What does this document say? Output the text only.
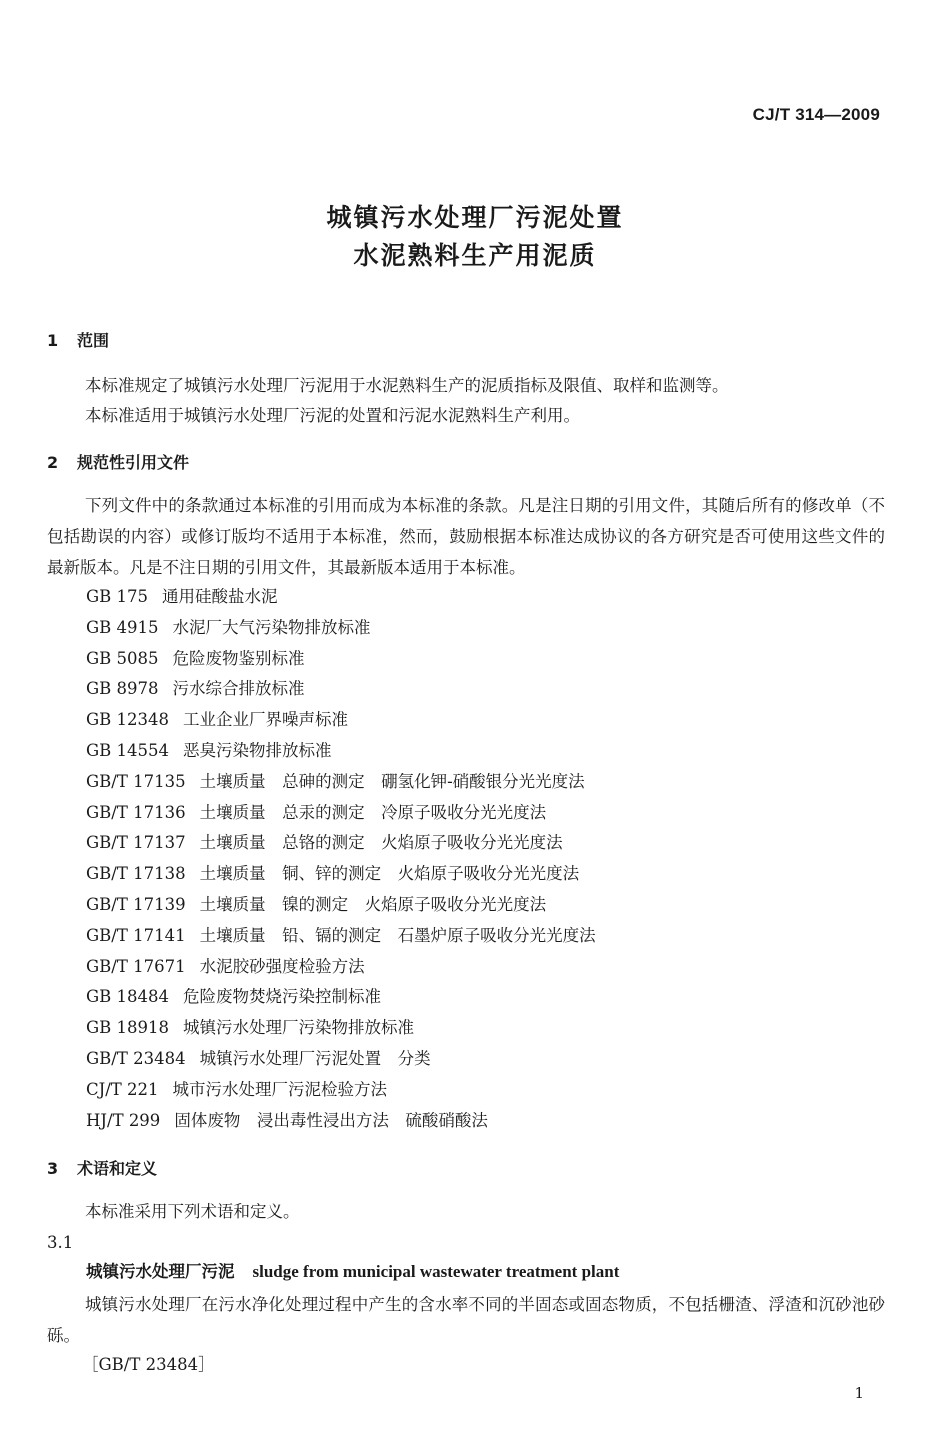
CJ/T 314—2009
城镇污水处理厂污泥处置
水泥熟料生产用泥质
1 范围
本标准规定了城镇污水处理厂污泥用于水泥熟料生产的泥质指标及限值、取样和监测等。
本标准适用于城镇污水处理厂污泥的处置和污泥水泥熟料生产利用。
2 规范性引用文件
下列文件中的条款通过本标准的引用而成为本标准的条款。凡是注日期的引用文件，其随后所有的修改单（不包括勘误的内容）或修订版均不适用于本标准，然而，鼓励根据本标准达成协议的各方研究是否可使用这些文件的最新版本。凡是不注日期的引用文件，其最新版本适用于本标准。
GB 175 通用硅酸盐水泥
GB 4915 水泥厂大气污染物排放标准
GB 5085 危险废物鉴别标准
GB 8978 污水综合排放标准
GB 12348 工业企业厂界噪声标准
GB 14554 恶臭污染物排放标准
GB/T 17135 土壤质量　总砷的测定　硼氢化钾-硝酸银分光光度法
GB/T 17136 土壤质量　总汞的测定　冷原子吸收分光光度法
GB/T 17137 土壤质量　总铬的测定　火焰原子吸收分光光度法
GB/T 17138 土壤质量　铜、锌的测定　火焰原子吸收分光光度法
GB/T 17139 土壤质量　镍的测定　火焰原子吸收分光光度法
GB/T 17141 土壤质量　铅、镉的测定　石墨炉原子吸收分光光度法
GB/T 17671 水泥胶砂强度检验方法
GB 18484 危险废物焚烧污染控制标准
GB 18918 城镇污水处理厂污染物排放标准
GB/T 23484 城镇污水处理厂污泥处置　分类
CJ/T 221 城市污水处理厂污泥检验方法
HJ/T 299 固体废物　浸出毒性浸出方法　硫酸硝酸法
3 术语和定义
本标准采用下列术语和定义。
3.1
城镇污水处理厂污泥 sludge from municipal wastewater treatment plant
城镇污水处理厂在污水净化处理过程中产生的含水率不同的半固态或固态物质，不包括栅渣、浮渣和沉砂池砂砾。
［GB/T 23484］
1
